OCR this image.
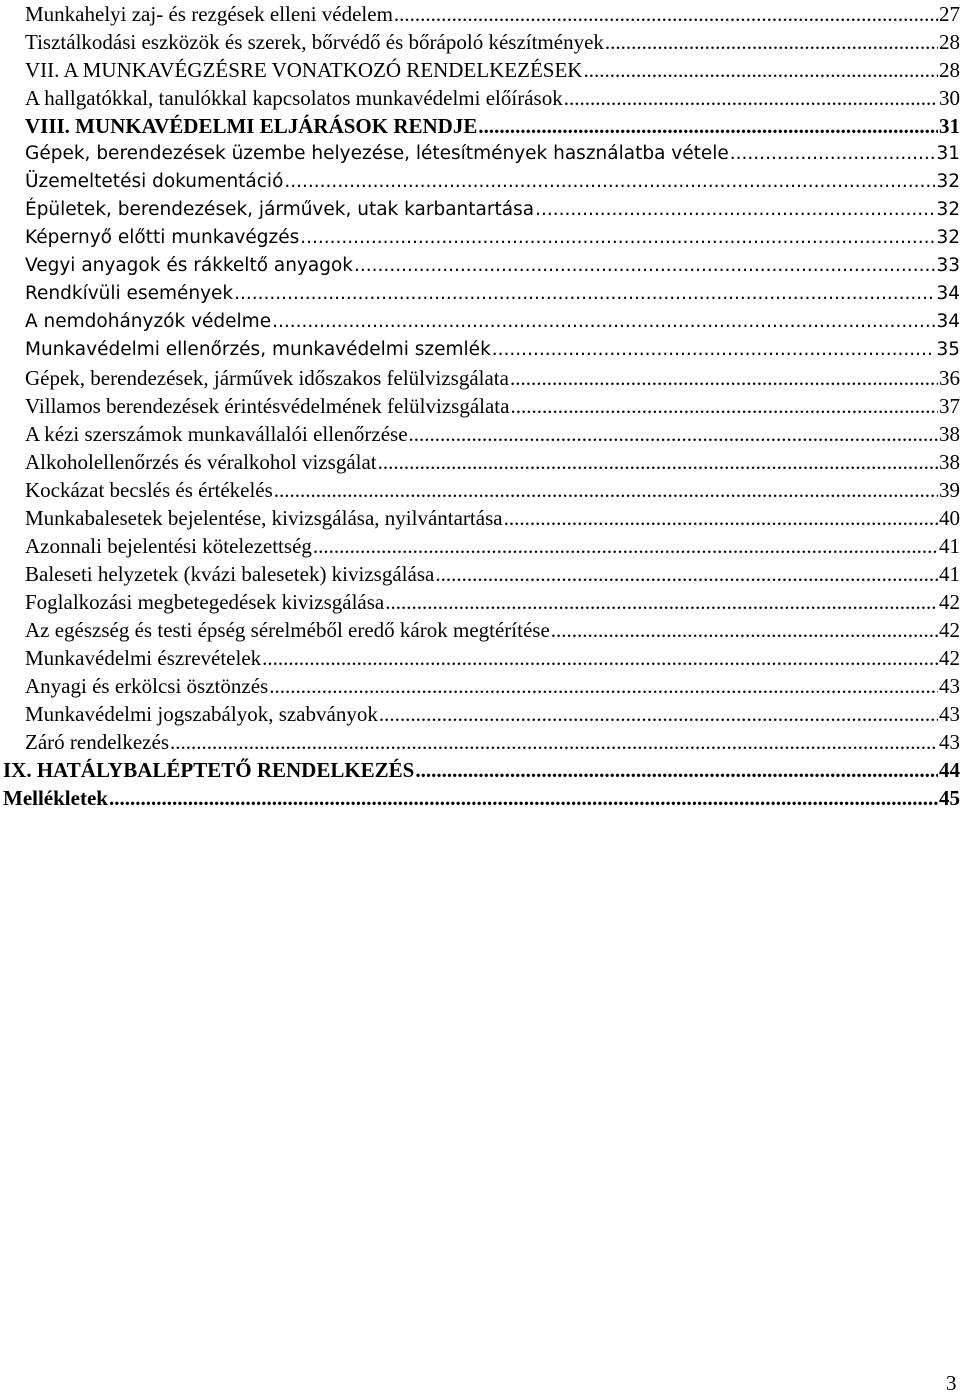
Munkahelyi zaj- és rezgések elleni védelem .....	27
Tisztálkodási eszközök és szerek, bőrvédő és bőrápoló készítmények .....	28
VII. A MUNKAVÉGZÉSRE VONATKOZÓ RENDELKEZÉSEK .....	28
A hallgatókkal, tanulókkal kapcsolatos munkavédelmi előírások .....	30
VIII. MUNKAVÉDELMI ELJÁRÁSOK RENDJE .....	31
Gépek, berendezések üzembe helyezése, létesítmények használatba vétele .....	31
Üzemeltetési dokumentáció .....	32
Épületek, berendezések, járművek, utak karbantartása .....	32
Képernyő előtti munkavégzés .....	32
Vegyi anyagok és rákkeltő anyagok .....	33
Rendkívüli események .....	34
A nemdohányzók védelme .....	34
Munkavédelmi ellenőrzés, munkavédelmi szemlék .....	35
Gépek, berendezések, járművek időszakos felülvizsgálata .....	36
Villamos berendezések érintésvédelmének felülvizsgálata .....	37
A kézi szerszámok munkavállalói ellenőrzése .....	38
Alkoholellenőrzés és véralkohol vizsgálat .....	38
Kockázat becslés és értékelés .....	39
Munkabalesetek bejelentése, kivizsgálása, nyilvántartása .....	40
Azonnali bejelentési kötelezettség .....	41
Baleseti helyzetek (kvázi balesetek) kivizsgálása .....	41
Foglalkozási megbetegedések kivizsgálása .....	42
Az egészség és testi épség sérelméből eredő károk megtérítése .....	42
Munkavédelmi észrevételek .....	42
Anyagi és erkölcsi ösztönzés .....	43
Munkavédelmi jogszabályok, szabványok .....	43
Záró rendelkezés .....	43
IX. HATÁLYBALÉPTETŐ RENDELKEZÉS .....	44
Mellékletek .....	45
3
